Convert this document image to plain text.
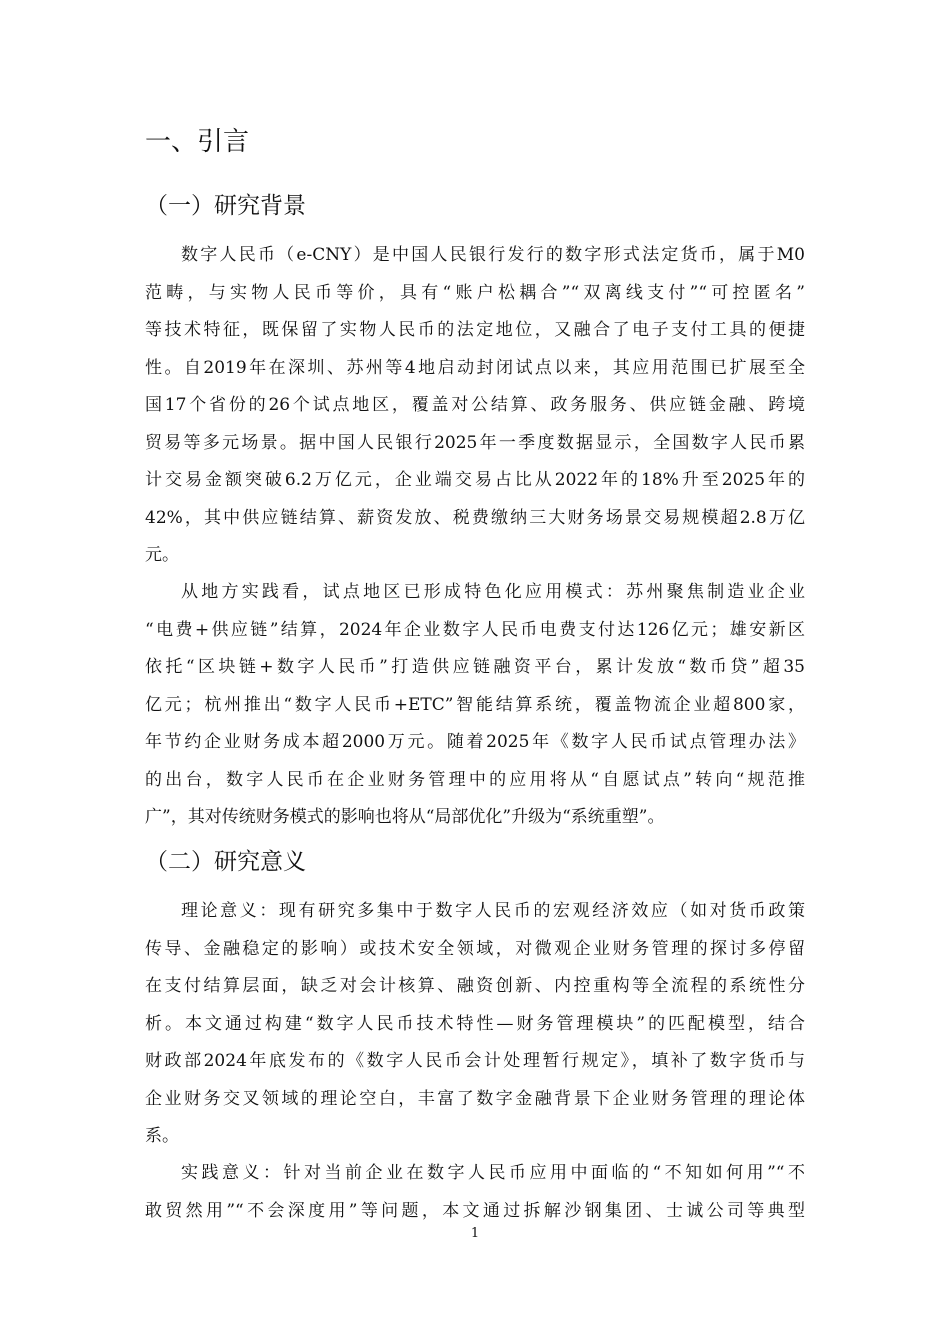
一、引言
（一）研究背景
数字人民币（e-CNY）是中国人民银行发行的数字形式法定货币，属于M0
范畴，与实物人民币等价，具有“账户松耦合”“双离线支付”“可控匿名”
等技术特征，既保留了实物人民币的法定地位，又融合了电子支付工具的便捷
性。自2019年在深圳、苏州等4地启动封闭试点以来，其应用范围已扩展至全
国17个省份的26个试点地区，覆盖对公结算、政务服务、供应链金融、跨境
贸易等多元场景。据中国人民银行2025年一季度数据显示，全国数字人民币累
计交易金额突破6.2万亿元，企业端交易占比从2022年的18%升至2025年的
42%，其中供应链结算、薪资发放、税费缴纳三大财务场景交易规模超2.8万亿
元。
从地方实践看，试点地区已形成特色化应用模式：苏州聚焦制造业企业
“电费+供应链”结算，2024年企业数字人民币电费支付达126亿元；雄安新区
依托“区块链+数字人民币”打造供应链融资平台，累计发放“数币贷”超35
亿元；杭州推出“数字人民币+ETC”智能结算系统，覆盖物流企业超800家，
年节约企业财务成本超2000万元。随着2025年《数字人民币试点管理办法》
的出台，数字人民币在企业财务管理中的应用将从“自愿试点”转向“规范推
广”，其对传统财务模式的影响也将从“局部优化”升级为“系统重塑”。
（二）研究意义
理论意义：现有研究多集中于数字人民币的宏观经济效应（如对货币政策
传导、金融稳定的影响）或技术安全领域，对微观企业财务管理的探讨多停留
在支付结算层面，缺乏对会计核算、融资创新、内控重构等全流程的系统性分
析。本文通过构建“数字人民币技术特性—财务管理模块”的匹配模型，结合
财政部2024年底发布的《数字人民币会计处理暂行规定》，填补了数字货币与
企业财务交叉领域的理论空白，丰富了数字金融背景下企业财务管理的理论体
系。
实践意义：针对当前企业在数字人民币应用中面临的“不知如何用”“不
敢贸然用”“不会深度用”等问题，本文通过拆解沙钢集团、士诚公司等典型
1
